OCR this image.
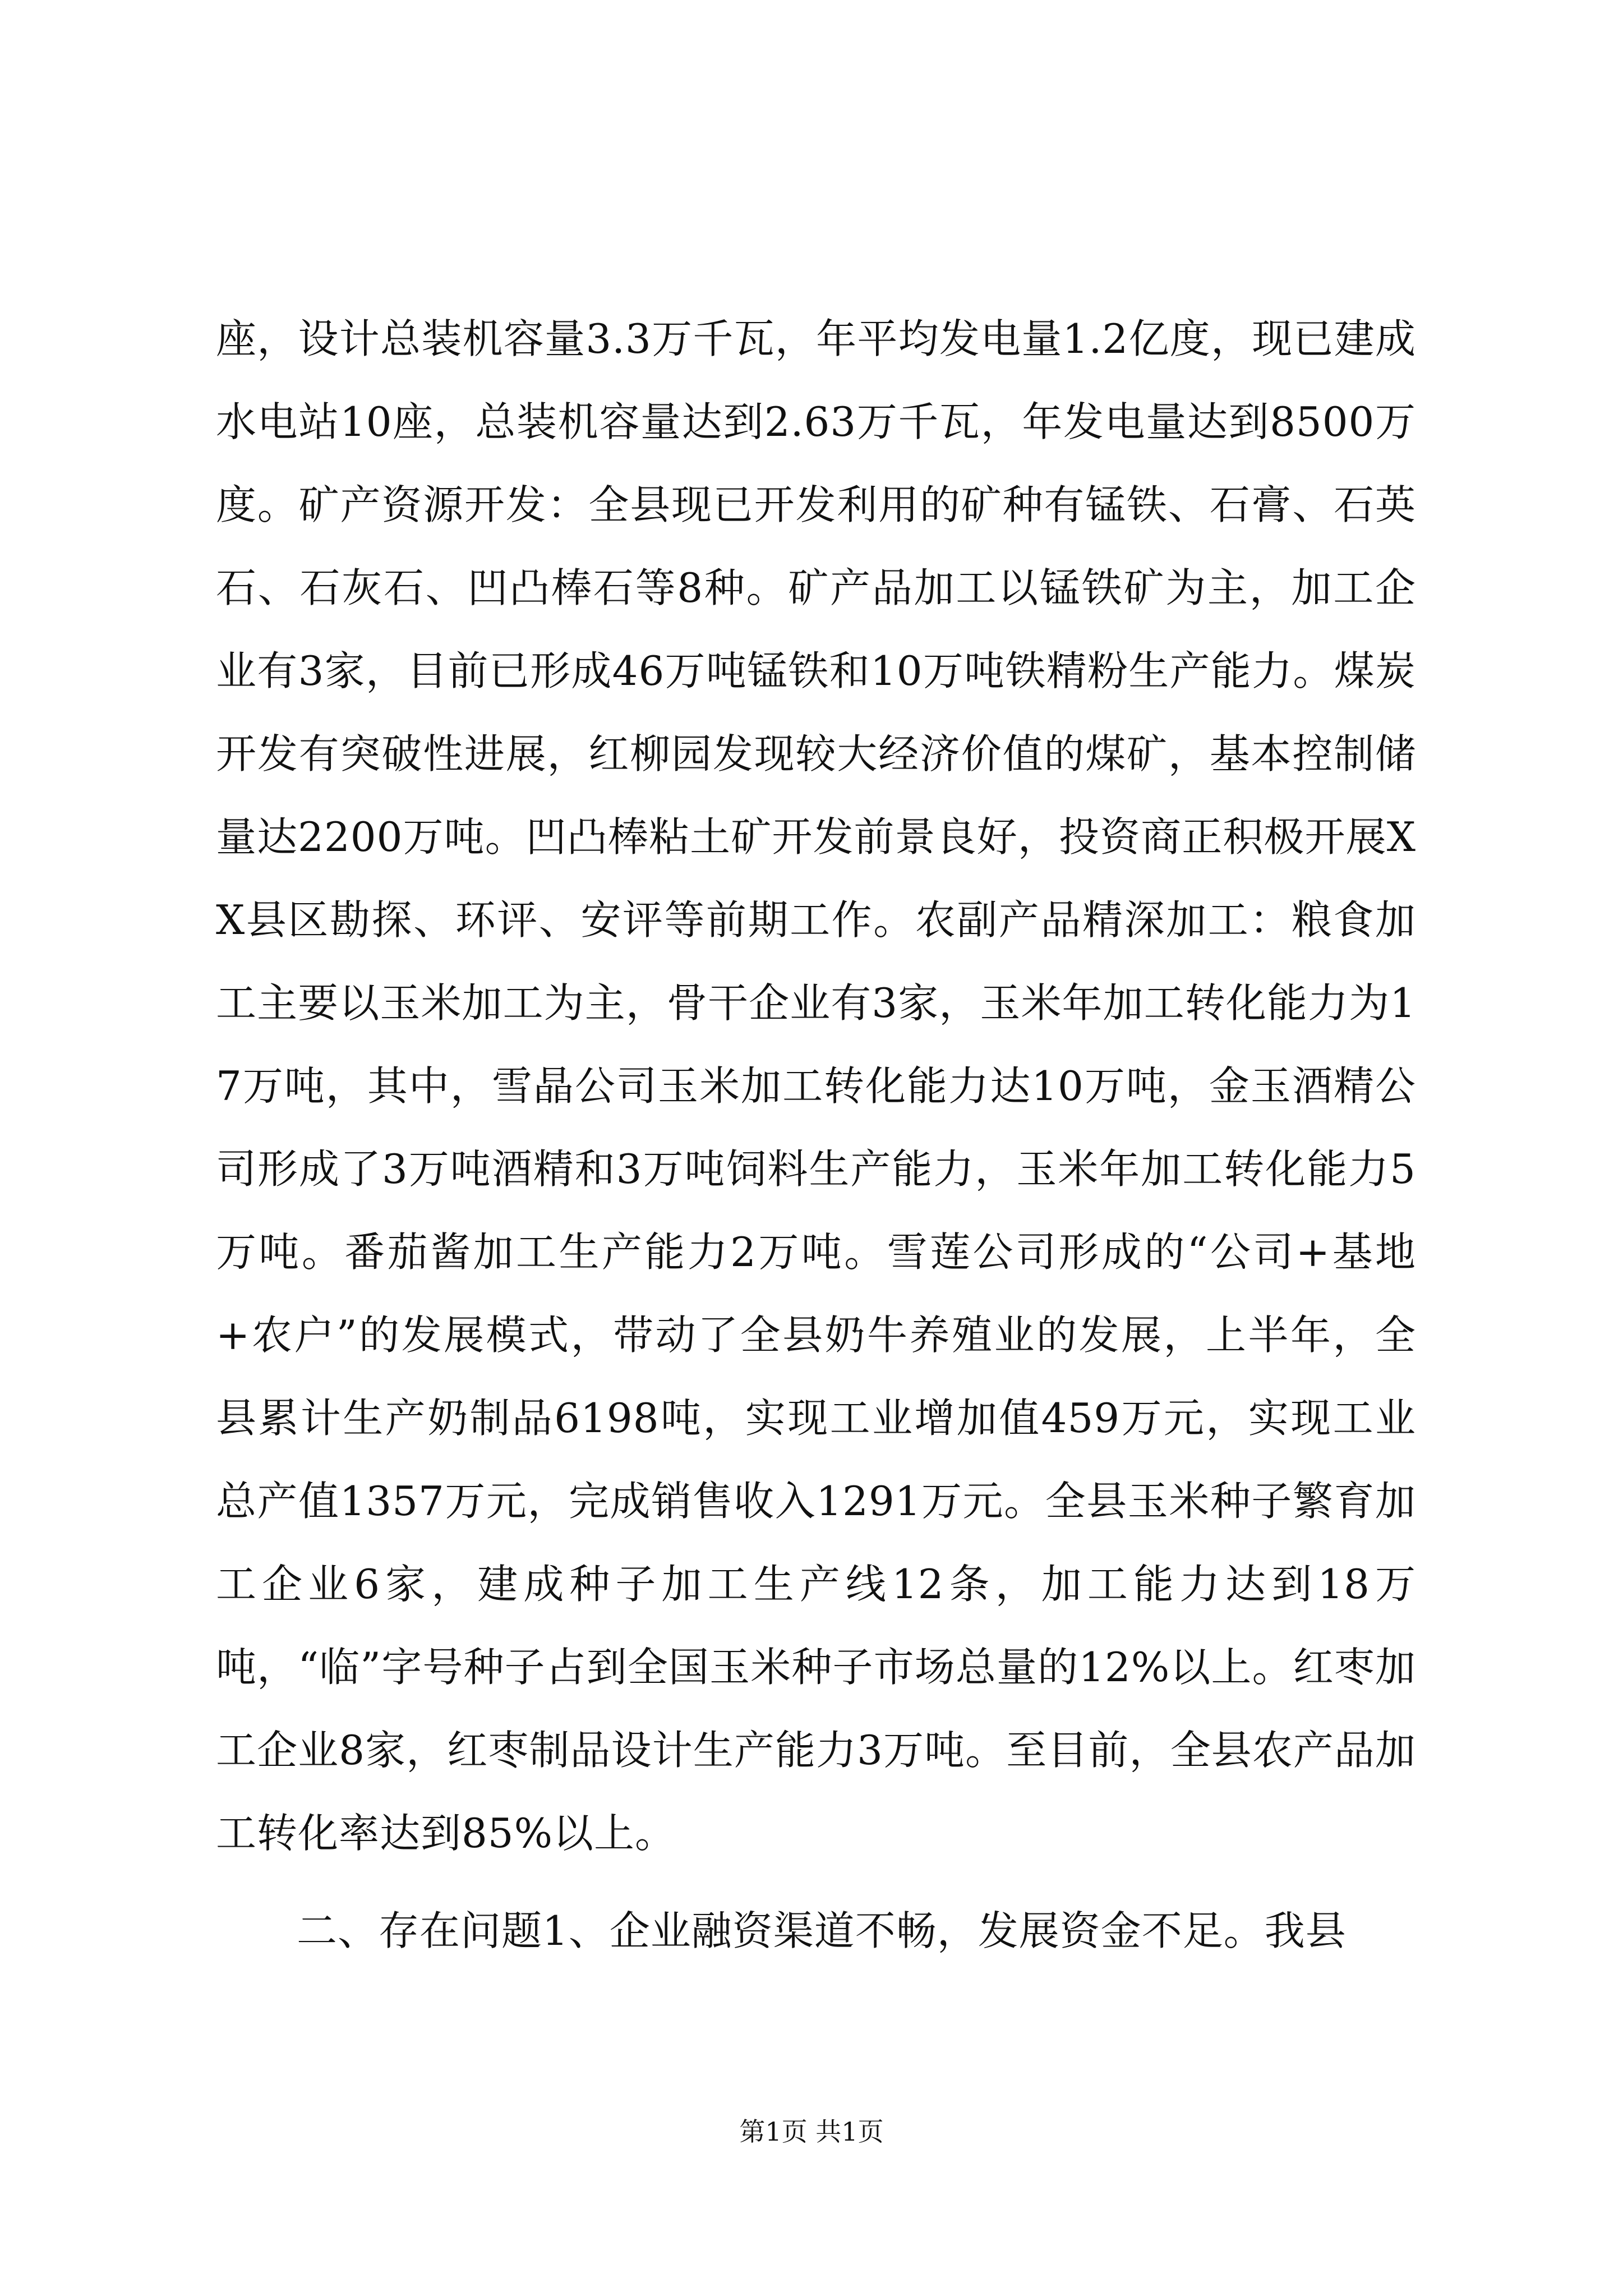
座，设计总装机容量3.3万千瓦，年平均发电量1.2亿度，现已建成水电站10座，总装机容量达到2.63万千瓦，年发电量达到8500万度。矿产资源开发：全县现已开发利用的矿种有锰铁、石膏、石英石、石灰石、凹凸棒石等8种。矿产品加工以锰铁矿为主，加工企业有3家，目前已形成46万吨锰铁和10万吨铁精粉生产能力。煤炭开发有突破性进展，红柳园发现较大经济价值的煤矿，基本控制储量达2200万吨。凹凸棒粘土矿开发前景良好，投资商正积极开展XX县区勘探、环评、安评等前期工作。农副产品精深加工：粮食加工主要以玉米加工为主，骨干企业有3家，玉米年加工转化能力为17万吨，其中，雪晶公司玉米加工转化能力达10万吨，金玉酒精公司形成了3万吨酒精和3万吨饲料生产能力，玉米年加工转化能力5万吨。番茄酱加工生产能力2万吨。雪莲公司形成的“公司+基地+农户”的发展模式，带动了全县奶牛养殖业的发展，上半年，全县累计生产奶制品6198吨，实现工业增加值459万元，实现工业总产值1357万元，完成销售收入1291万元。全县玉米种子繁育加工企业6家，建成种子加工生产线12条，加工能力达到18万吨，“临”字号种子占到全国玉米种子市场总量的12%以上。红枣加工企业8家，红枣制品设计生产能力3万吨。至目前，全县农产品加工转化率达到85%以上。

二、存在问题1、企业融资渠道不畅，发展资金不足。我县

第1页 共1页
